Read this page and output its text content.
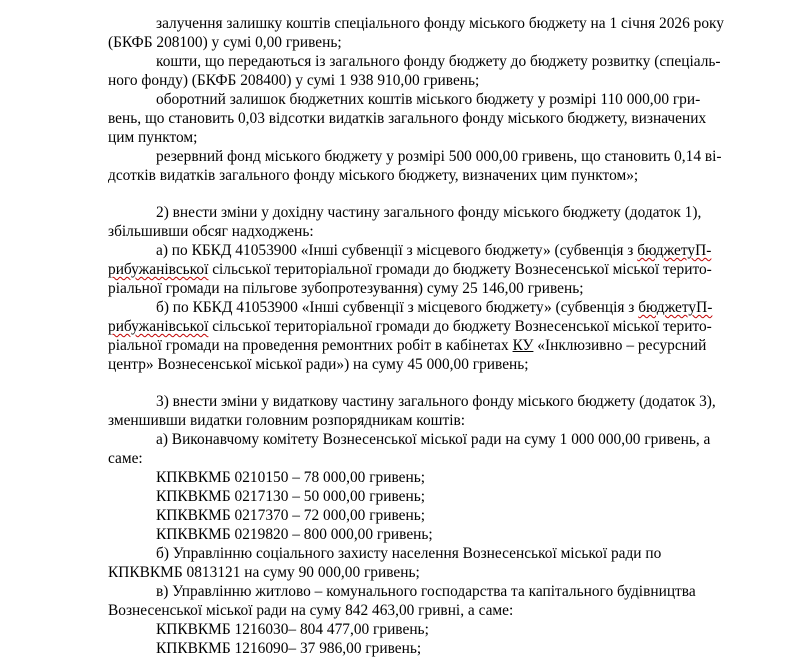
залучення залишку коштів спеціального фонду міського бюджету на 1 січня 2026 року
(БКФБ 208100) у сумі 0,00 гривень;
кошти, що передаються із загального фонду бюджету до бюджету розвитку (спеціаль-
ного фонду) (БКФБ 208400) у сумі 1 938 910,00 гривень;
оборотний залишок бюджетних коштів міського бюджету у розмірі 110 000,00 гри-
вень, що становить 0,03 відсотки видатків загального фонду міського бюджету, визначених
цим пунктом;
резервний фонд міського бюджету у розмірі 500 000,00 гривень, що становить 0,14 ві-
дсотків видатків загального фонду міського бюджету, визначених цим пунктом»;
2) внести зміни у дохідну частину загального фонду міського бюджету (додаток 1),
збільшивши обсяг надходжень:
а) по КБКД 41053900 «Інші субвенції з місцевого бюджету» (субвенція з бюджетуП-
рибужанівської сільської територіальної громади до бюджету Вознесенської міської терито-
ріальної громади на пільгове зубопротезування) суму 25 146,00 гривень;
б) по КБКД 41053900 «Інші субвенції з місцевого бюджету» (субвенція з бюджетуП-
рибужанівської сільської територіальної громади до бюджету Вознесенської міської терито-
ріальної громади на проведення ремонтних робіт в кабінетах КУ «Інклюзивно – ресурсний
центр» Вознесенської міської ради») на суму 45 000,00 гривень;
3) внести зміни у видаткову частину загального фонду міського бюджету (додаток 3),
зменшивши видатки головним розпорядникам коштів:
а) Виконавчому комітету Вознесенської міської ради на суму 1 000 000,00 гривень, а
саме:
КПКВКМБ 0210150 – 78 000,00 гривень;
КПКВКМБ 0217130 – 50 000,00 гривень;
КПКВКМБ 0217370 – 72 000,00 гривень;
КПКВКМБ 0219820 – 800 000,00 гривень;
б) Управлінню соціального захисту населення Вознесенської міської ради по
КПКВКМБ 0813121 на суму 90 000,00 гривень;
в) Управлінню житлово – комунального господарства та капітального будівництва
Вознесенської міської ради на суму 842 463,00 гривні, а саме:
КПКВКМБ 1216030– 804 477,00 гривень;
КПКВКМБ 1216090– 37 986,00 гривень;
